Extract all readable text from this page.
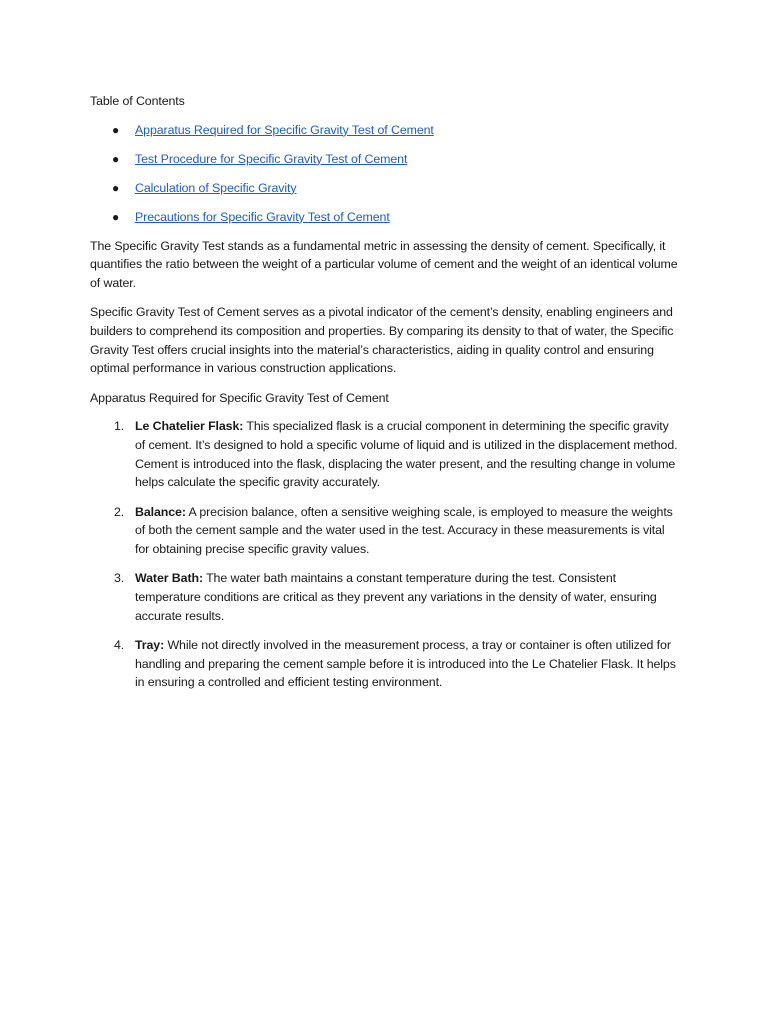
Table of Contents
● Apparatus Required for Specific Gravity Test of Cement
● Test Procedure for Specific Gravity Test of Cement
● Calculation of Specific Gravity
● Precautions for Specific Gravity Test of Cement

The Specific Gravity Test stands as a fundamental metric in assessing the density of cement. Specifically, it quantifies the ratio between the weight of a particular volume of cement and the weight of an identical volume of water.

Specific Gravity Test of Cement serves as a pivotal indicator of the cement’s density, enabling engineers and builders to comprehend its composition and properties. By comparing its density to that of water, the Specific Gravity Test offers crucial insights into the material’s characteristics, aiding in quality control and ensuring optimal performance in various construction applications.

Apparatus Required for Specific Gravity Test of Cement
1. Le Chatelier Flask: This specialized flask is a crucial component in determining the specific gravity of cement. It’s designed to hold a specific volume of liquid and is utilized in the displacement method. Cement is introduced into the flask, displacing the water present, and the resulting change in volume helps calculate the specific gravity accurately.
2. Balance: A precision balance, often a sensitive weighing scale, is employed to measure the weights of both the cement sample and the water used in the test. Accuracy in these measurements is vital for obtaining precise specific gravity values.
3. Water Bath: The water bath maintains a constant temperature during the test. Consistent temperature conditions are critical as they prevent any variations in the density of water, ensuring accurate results.
4. Tray: While not directly involved in the measurement process, a tray or container is often utilized for handling and preparing the cement sample before it is introduced into the Le Chatelier Flask. It helps in ensuring a controlled and efficient testing environment.
